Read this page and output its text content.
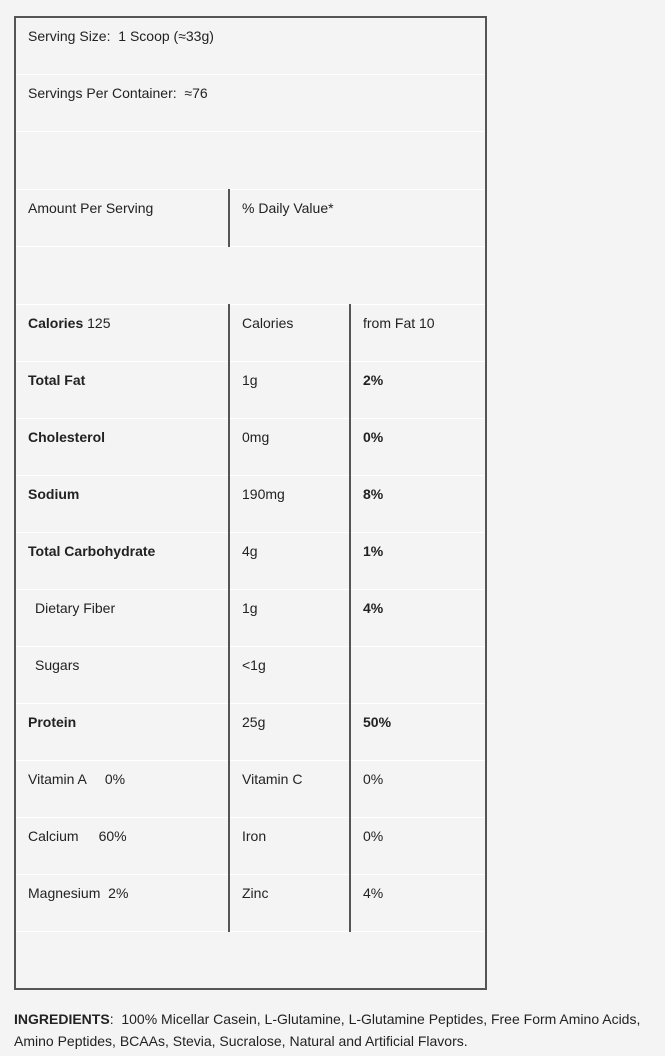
Serving Size: 1 Scoop (≈33g)		
Servings Per Container: ≈76		

Amount Per Serving	% Daily Value*	

Calories 125	Calories	from Fat 10
Total Fat	1g	2%
Cholesterol	0mg	0%
Sodium	190mg	8%
Total Carbohydrate	4g	1%
Dietary Fiber	1g	4%
Sugars	<1g	
Protein	25g	50%
Vitamin A 0%	Vitamin C	0%
Calcium 60%	Iron	0%
Magnesium 2%	Zinc	4%

INGREDIENTS:  100% Micellar Casein, L-Glutamine, L-Glutamine Peptides, Free Form Amino Acids, Amino Peptides, BCAAs, Stevia, Sucralose, Natural and Artificial Flavors.
